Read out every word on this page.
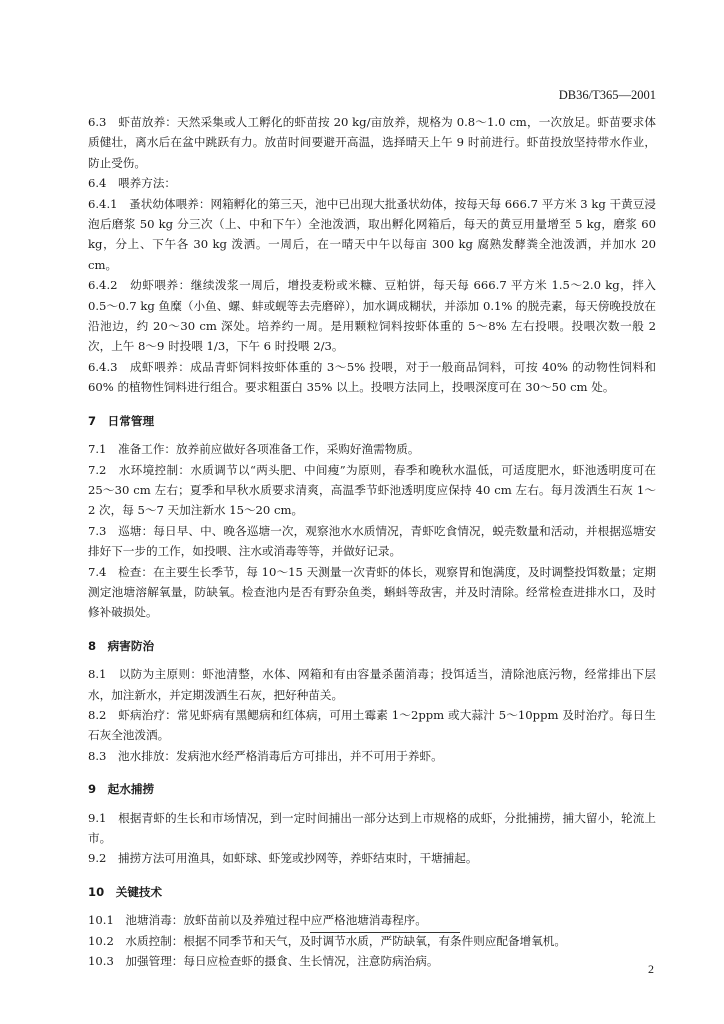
DB36/T365—2001

6.3　虾苗放养：天然采集或人工孵化的虾苗按 20 kg/亩放养，规格为 0.8～1.0 cm，一次放足。虾苗要求体质健壮，离水后在盆中跳跃有力。放苗时间要避开高温，选择晴天上午 9 时前进行。虾苗投放坚持带水作业，防止受伤。

6.4　喂养方法：

6.4.1　蚤状幼体喂养：网箱孵化的第三天，池中已出现大批蚤状幼体，按每天每 666.7 平方米 3 kg 干黄豆浸泡后磨浆 50 kg 分三次（上、中和下午）全池泼洒，取出孵化网箱后，每天的黄豆用量增至 5 kg，磨浆 60 kg，分上、下午各 30 kg 泼洒。一周后，在一晴天中午以每亩 300 kg 腐熟发酵粪全池泼洒，并加水 20 cm。

6.4.2　幼虾喂养：继续泼浆一周后，增投麦粉或米糠、豆粕饼，每天每 666.7 平方米 1.5～2.0 kg，拌入 0.5～0.7 kg 鱼糜（小鱼、螺、蚌或蚬等去壳磨碎），加水调成糊状，并添加 0.1% 的脱壳素，每天傍晚投放在沿池边，约 20～30 cm 深处。培养约一周。是用颗粒饲料按虾体重的 5～8% 左右投喂。投喂次数一般 2 次，上午 8～9 时投喂 1/3，下午 6 时投喂 2/3。

6.4.3　成虾喂养：成品青虾饲料按虾体重的 3～5% 投喂，对于一般商品饲料，可按 40% 的动物性饲料和 60% 的植物性饲料进行组合。要求粗蛋白 35% 以上。投喂方法同上，投喂深度可在 30～50 cm 处。

7　日常管理

7.1　准备工作：放养前应做好各项准备工作，采购好渔需物质。

7.2　水环境控制：水质调节以“两头肥、中间瘦”为原则，春季和晚秋水温低，可适度肥水，虾池透明度可在 25～30 cm 左右；夏季和早秋水质要求清爽，高温季节虾池透明度应保持 40 cm 左右。每月泼洒生石灰 1～2 次，每 5～7 天加注新水 15～20 cm。

7.3　巡塘：每日早、中、晚各巡塘一次，观察池水水质情况，青虾吃食情况，蜕壳数量和活动，并根据巡塘安排好下一步的工作，如投喂、注水或消毒等等，并做好记录。

7.4　检查：在主要生长季节，每 10～15 天测量一次青虾的体长，观察胃和饱满度，及时调整投饵数量；定期测定池塘溶解氧量，防缺氧。检查池内是否有野杂鱼类，蝌蚪等敌害，并及时清除。经常检查进排水口，及时修补破损处。

8　病害防治

8.1　以防为主原则：虾池清整，水体、网箱和有由容量杀菌消毒；投饵适当，清除池底污物，经常排出下层水，加注新水，并定期泼洒生石灰，把好种苗关。

8.2　虾病治疗：常见虾病有黑鳃病和红体病，可用土霉素 1～2ppm 或大蒜汁 5～10ppm 及时治疗。每日生石灰全池泼洒。

8.3　池水排放：发病池水经严格消毒后方可排出，并不可用于养虾。

9　起水捕捞

9.1　根据青虾的生长和市场情况，到一定时间捕出一部分达到上市规格的成虾，分批捕捞，捕大留小，轮流上市。

9.2　捕捞方法可用渔具，如虾球、虾笼或抄网等，养虾结束时，干塘捕起。

10　关键技术

10.1　池塘消毒：放虾苗前以及养殖过程中应严格池塘消毒程序。

10.2　水质控制：根据不同季节和天气，及时调节水质，严防缺氧，有条件则应配备增氧机。

10.3　加强管理：每日应检查虾的摄食、生长情况，注意防病治病。

2
